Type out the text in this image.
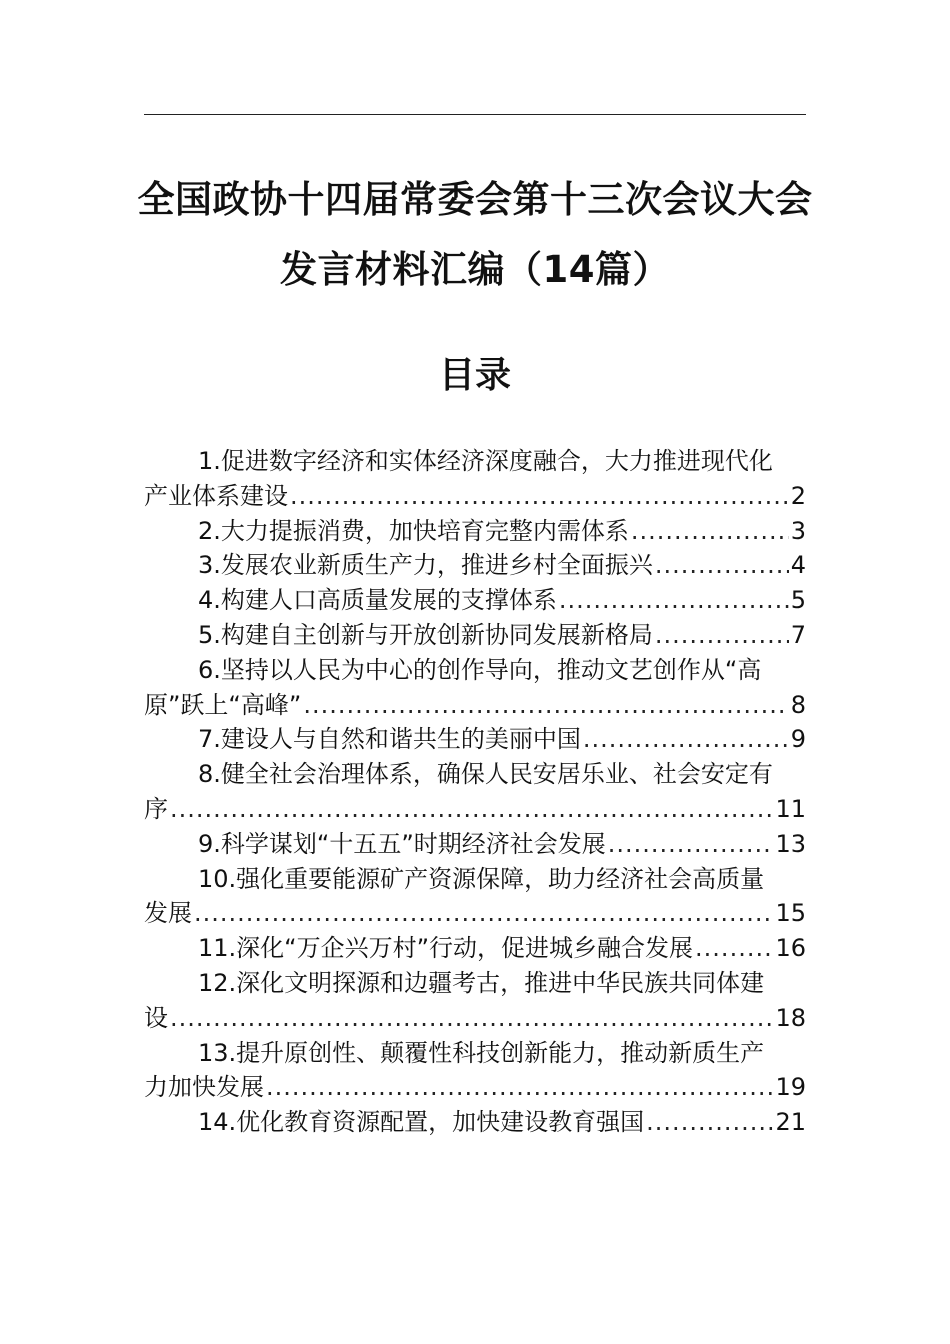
全国政协十四届常委会第十三次会议大会
发言材料汇编（14篇）
目录
1.促进数字经济和实体经济深度融合，大力推进现代化
产业体系建设 .....	2
2.大力提振消费，加快培育完整内需体系 .....	3
3.发展农业新质生产力，推进乡村全面振兴 .....	4
4.构建人口高质量发展的支撑体系 .....	5
5.构建自主创新与开放创新协同发展新格局 .....	7
6.坚持以人民为中心的创作导向，推动文艺创作从“高
原”跃上“高峰” .....	8
7.建设人与自然和谐共生的美丽中国 .....	9
8.健全社会治理体系，确保人民安居乐业、社会安定有
序 .....	11
9.科学谋划“十五五”时期经济社会发展 .....	13
10.强化重要能源矿产资源保障，助力经济社会高质量
发展 .....	15
11.深化“万企兴万村”行动，促进城乡融合发展 .....	16
12.深化文明探源和边疆考古，推进中华民族共同体建
设 .....	18
13.提升原创性、颠覆性科技创新能力，推动新质生产
力加快发展 .....	19
14.优化教育资源配置，加快建设教育强国 .....	21
